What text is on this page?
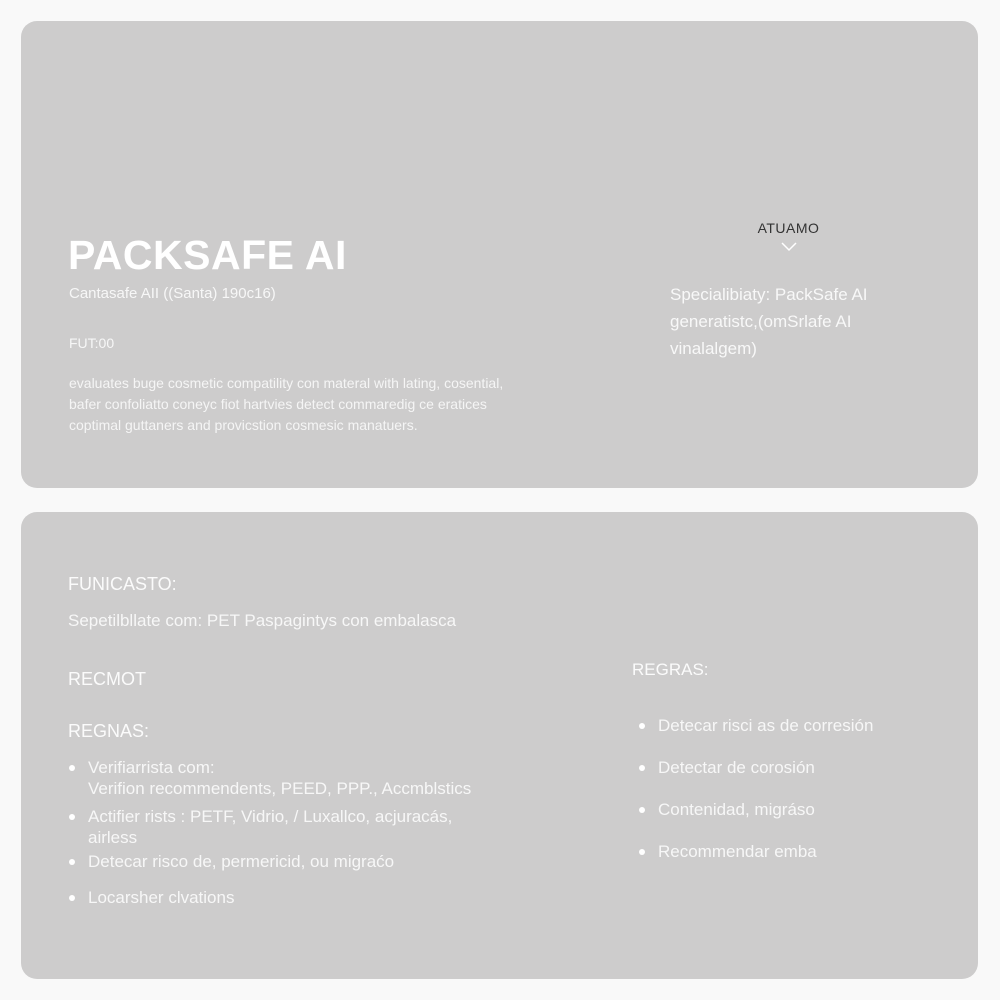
PACKSAFE AI
Cantasafe AII ((Santa) 190c16)
FUT:00
evaluates buge cosmetic compatility con materal with lating, cosential,
bafer confoliatto coneyc fiot hartvies detect commaredig ce eratices
coptimal guttaners and provicstion cosmesic manatuers.
ATUAMO
Specialibiaty: PackSafe AI
generatistc,(omSrlafe AI
vinalalgem)
FUNICASTO:
Sepetilbllate com: PET Paspagintys con embalasca
RECMOT
REGNAS:
Verifiarrista com:
Verifion recommendents, PEED, PPP., Accmblstics
Actifier rists : PETF, Vidrio, / Luxallco, acjuracás,
airless
Detecar risco de, permericid, ou migraćo
Locarsher clvations
REGRAS:
Detecar risci as de corresión
Detectar de corosión
Contenidad, migráso
Recommendar emba
